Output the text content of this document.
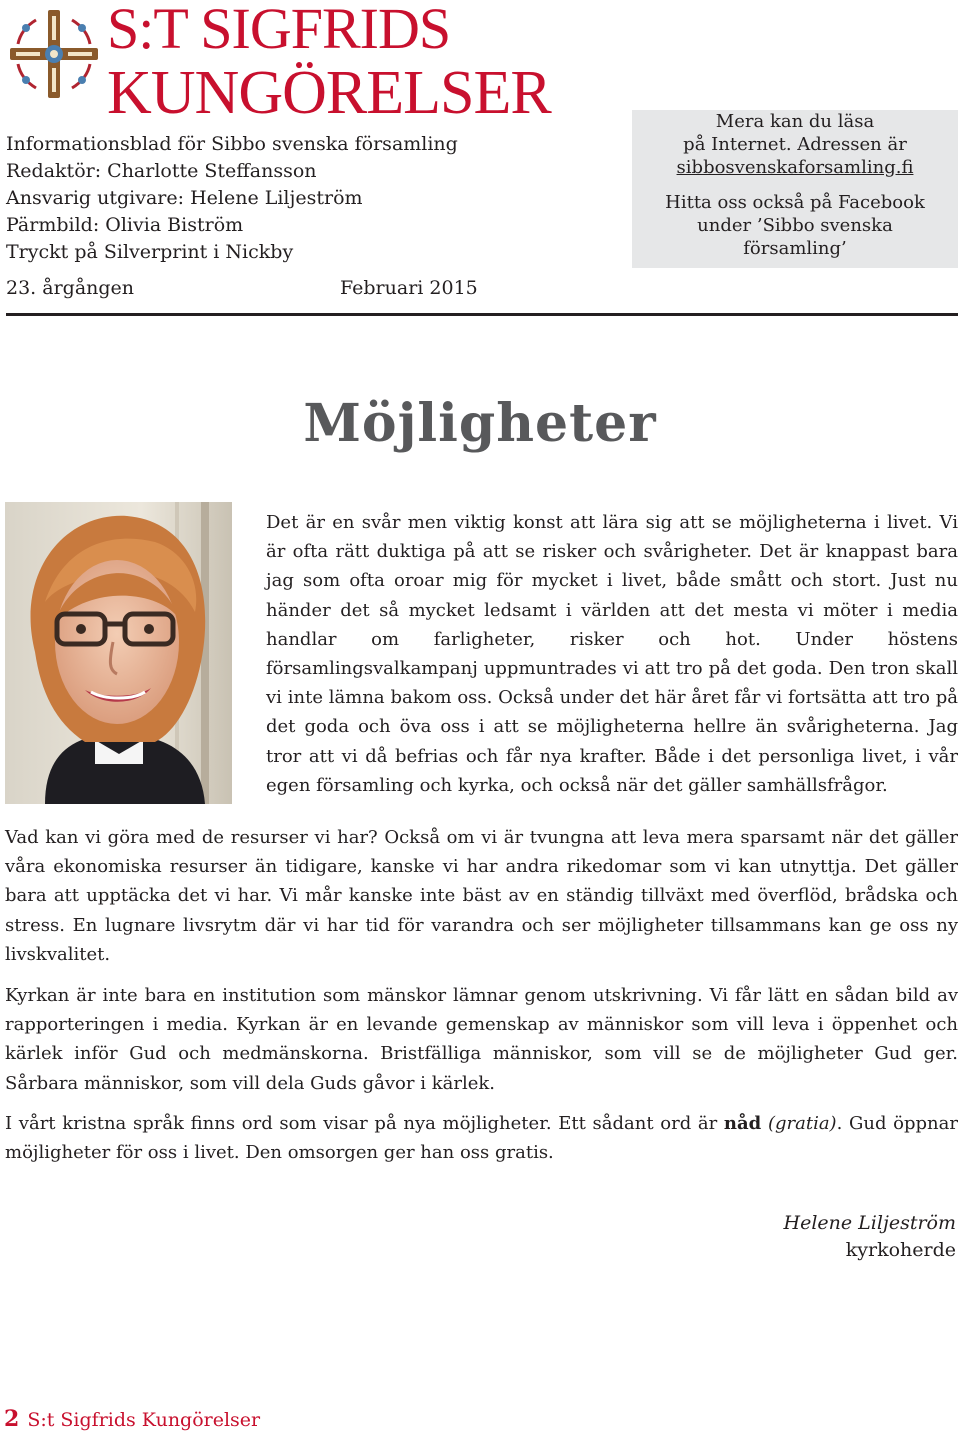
S:T SIGFRIDS
KUNGÖRELSER
Informationsblad för Sibbo svenska församling
Redaktör: Charlotte Steffansson
Ansvarig utgivare: Helene Liljeström
Pärmbild: Olivia Biström
Tryckt på Silverprint i Nickby
23. årgången	Februari 2015
Mera kan du läsa
på Internet. Adressen är
sibbosvenskaforsamling.fi
Hitta oss också på Facebook
under ’Sibbo svenska
församling’
Möjligheter
Det är en svår men viktig konst att lära sig att se möjligheterna i livet. Vi är ofta rätt duktiga på att se risker och svårigheter. Det är knappast bara jag som ofta oroar mig för mycket i livet, både smått och stort. Just nu händer det så mycket ledsamt i världen att det mesta vi möter i media handlar om farligheter, risker och hot. Under höstens församlingsvalkampanj uppmuntrades vi att tro på det goda. Den tron skall vi inte lämna bakom oss. Också under det här året får vi fortsätta att tro på det goda och öva oss i att se möjligheterna hellre än svårigheterna. Jag tror att vi då befrias och får nya krafter. Både i det personliga livet, i vår egen församling och kyrka, och också när det gäller samhällsfrågor.
Vad kan vi göra med de resurser vi har? Också om vi är tvungna att leva mera sparsamt när det gäller våra ekonomiska resurser än tidigare, kanske vi har andra rikedomar som vi kan utnyttja. Det gäller bara att upptäcka det vi har. Vi mår kanske inte bäst av en ständig tillväxt med överflöd, brådska och stress. En lugnare livsrytm där vi har tid för varandra och ser möjligheter tillsammans kan ge oss ny livskvalitet.
Kyrkan är inte bara en institution som mänskor lämnar genom utskrivning. Vi får lätt en sådan bild av rapporteringen i media. Kyrkan är en levande gemenskap av människor som vill leva i öppenhet och kärlek inför Gud och medmänskorna. Bristfälliga människor, som vill se de möjligheter Gud ger. Sårbara människor, som vill dela Guds gåvor i kärlek.
I vårt kristna språk finns ord som visar på nya möjligheter. Ett sådant ord är nåd (gratia). Gud öppnar möjligheter för oss i livet. Den omsorgen ger han oss gratis.
Helene Liljeström
kyrkoherde
2 S:t Sigfrids Kungörelser
